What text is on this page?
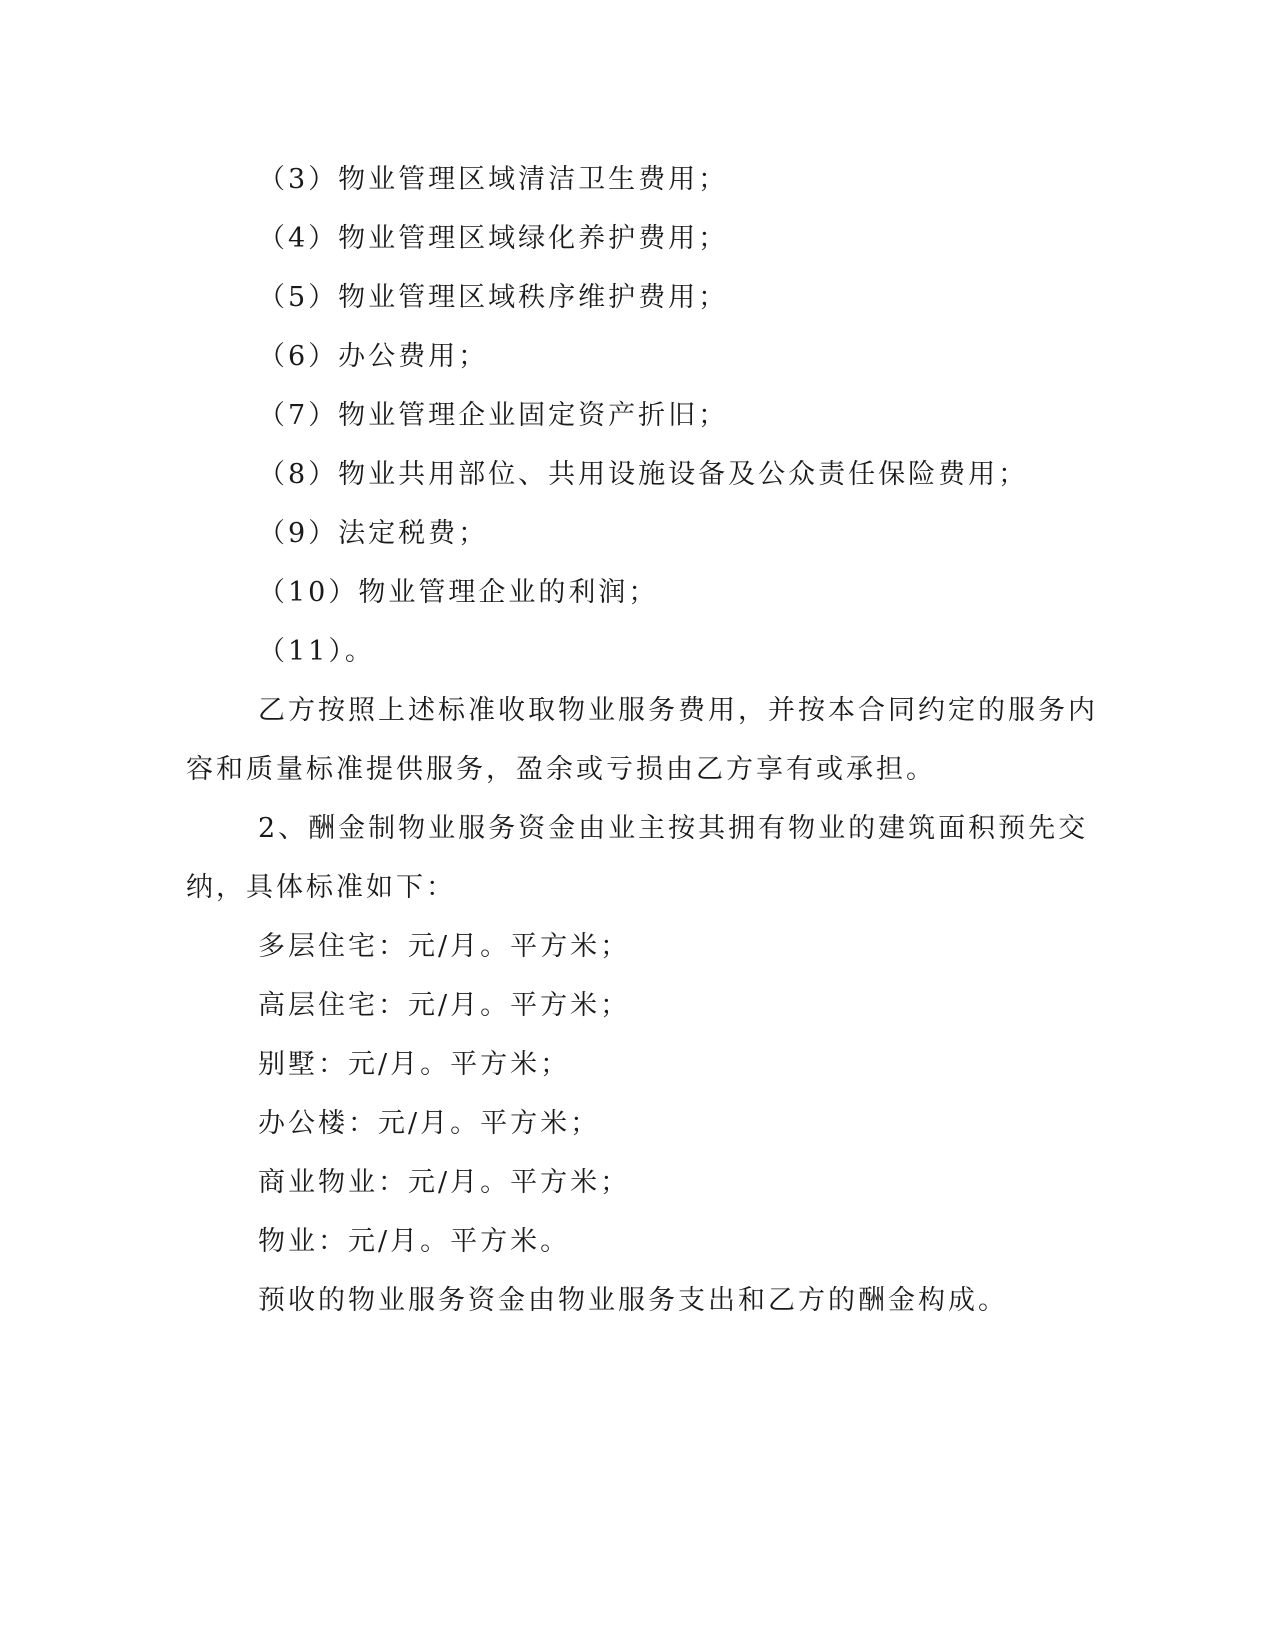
（3）物业管理区域清洁卫生费用；
（4）物业管理区域绿化养护费用；
（5）物业管理区域秩序维护费用；
（6）办公费用；
（7）物业管理企业固定资产折旧；
（8）物业共用部位、共用设施设备及公众责任保险费用；
（9）法定税费；
（10）物业管理企业的利润；
（11）。
乙方按照上述标准收取物业服务费用，并按本合同约定的服务内
容和质量标准提供服务，盈余或亏损由乙方享有或承担。
2、酬金制物业服务资金由业主按其拥有物业的建筑面积预先交
纳，具体标准如下：
多层住宅：元/月。平方米；
高层住宅：元/月。平方米；
别墅：元/月。平方米；
办公楼：元/月。平方米；
商业物业：元/月。平方米；
物业：元/月。平方米。
预收的物业服务资金由物业服务支出和乙方的酬金构成。
